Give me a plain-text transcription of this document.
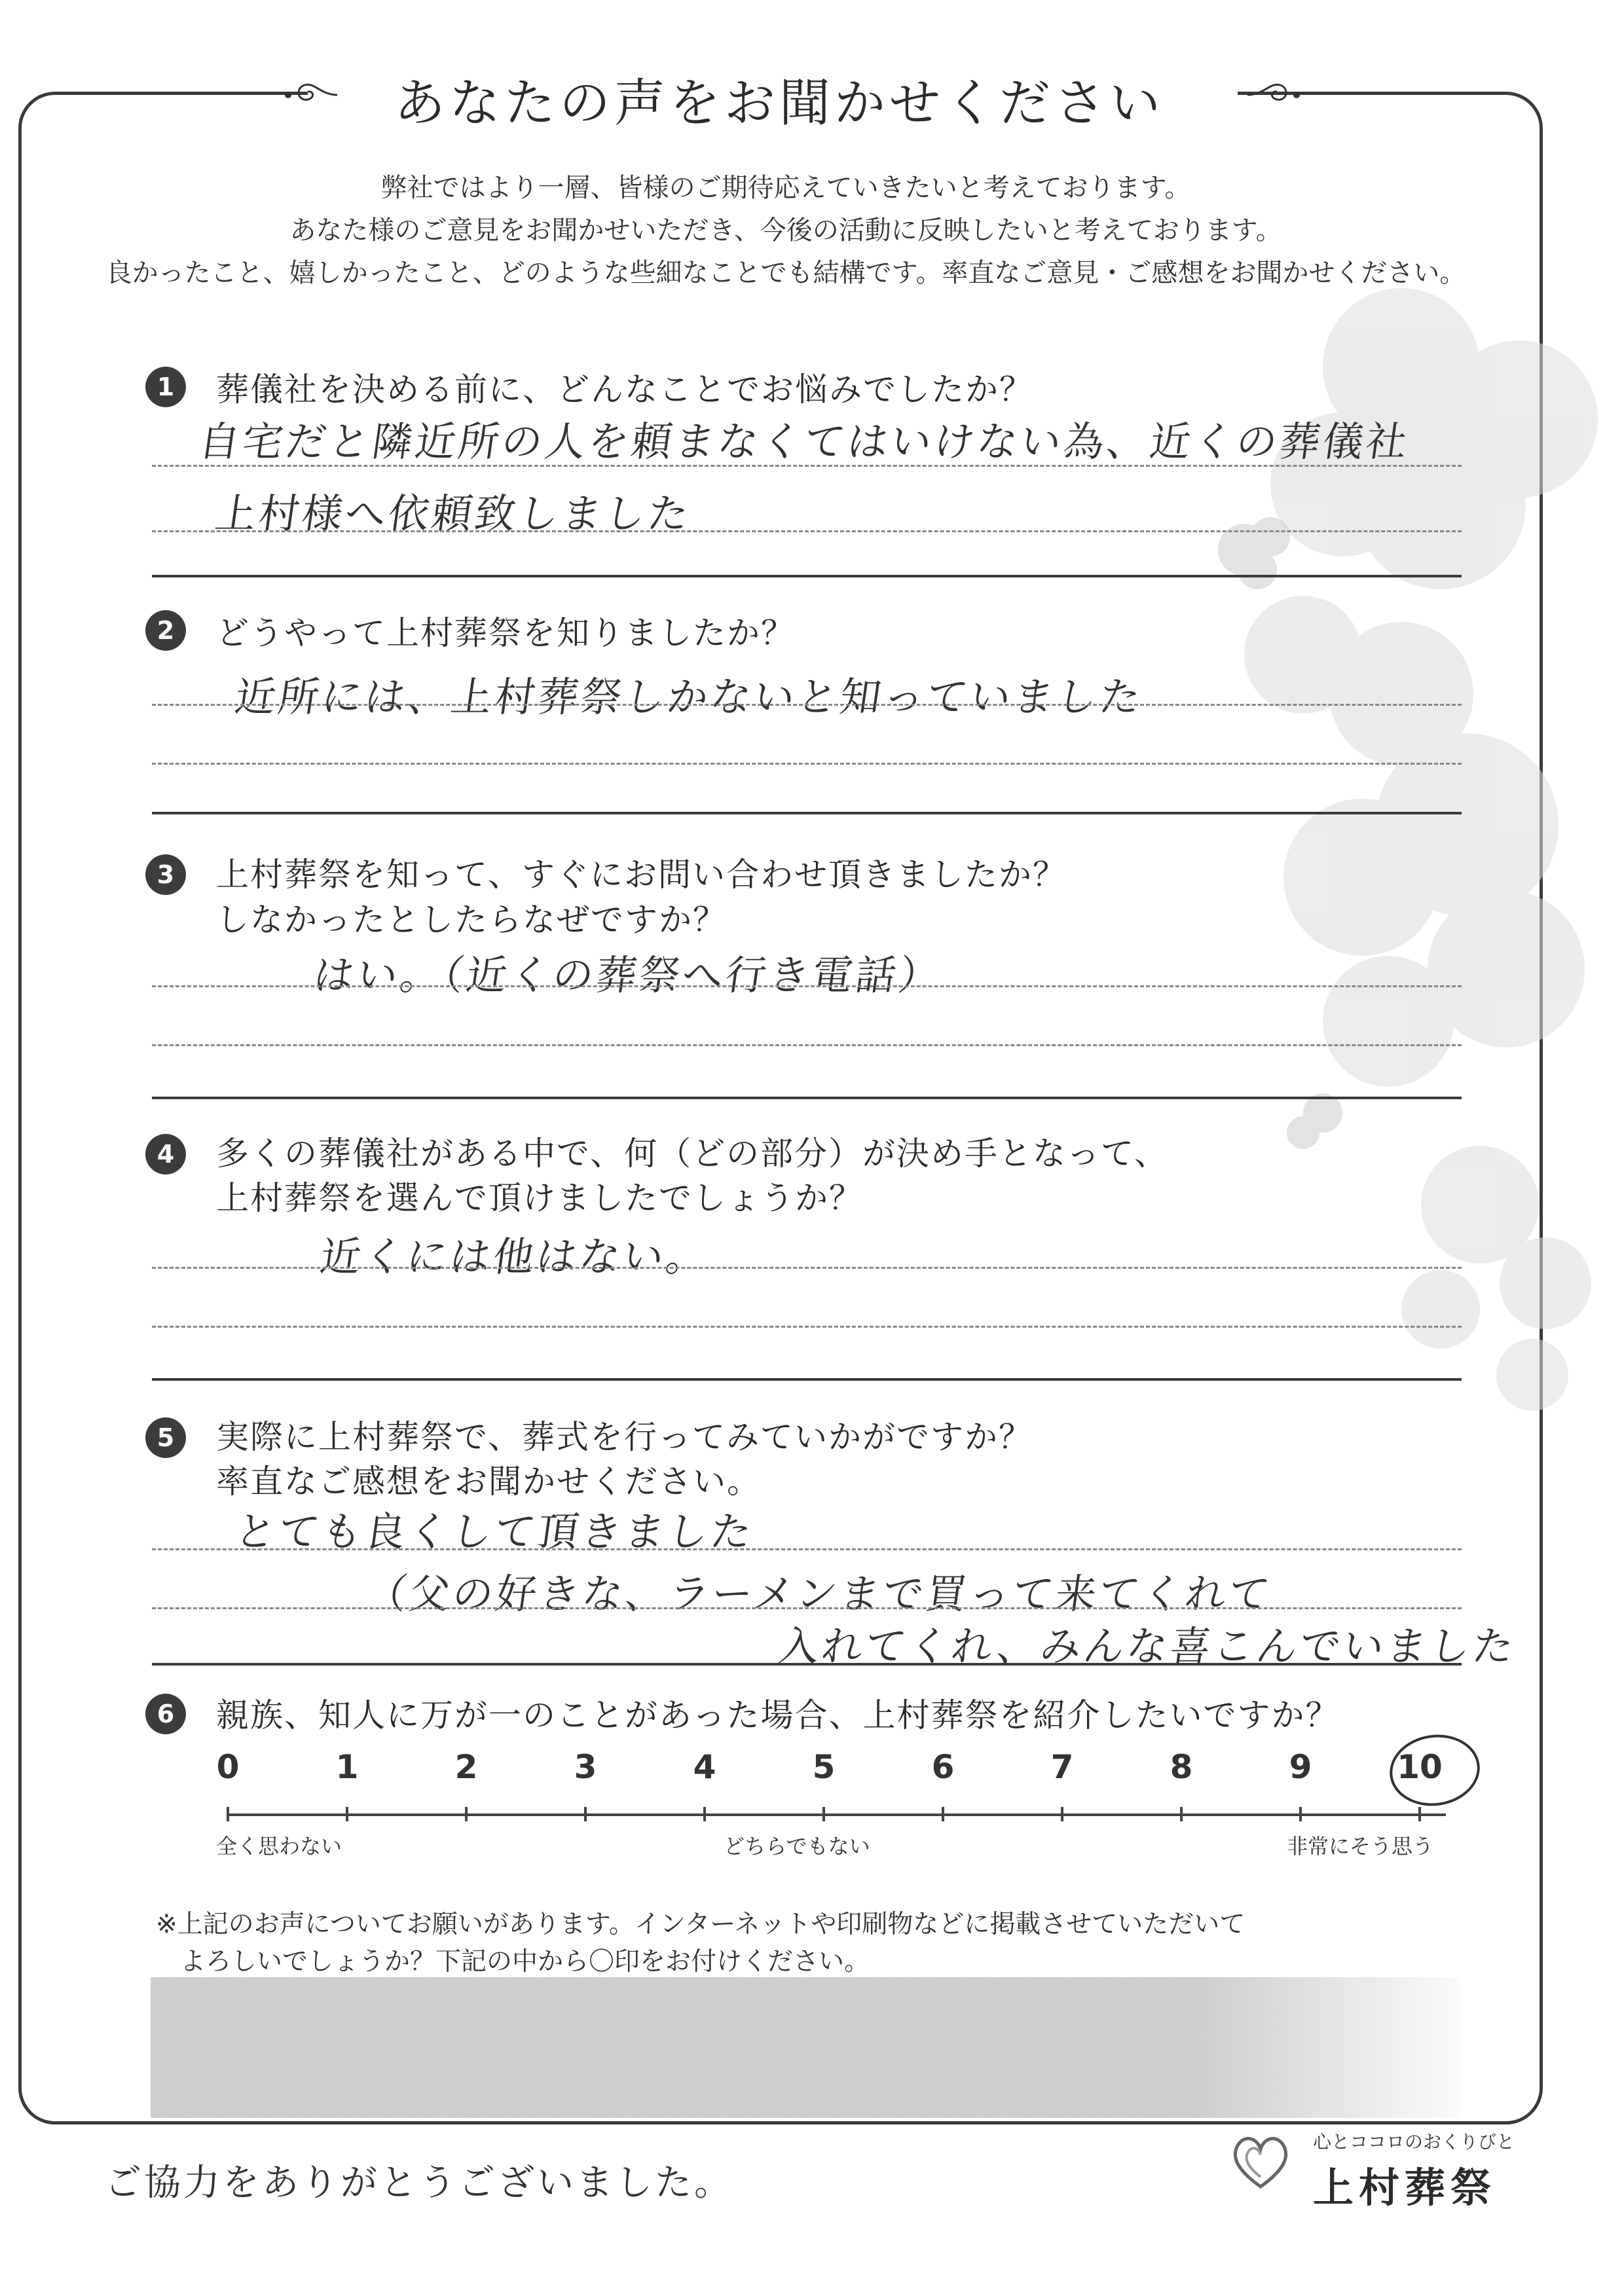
あなたの声をお聞かせください
弊社ではより一層、皆様のご期待応えていきたいと考えております。
あなた様のご意見をお聞かせいただき、今後の活動に反映したいと考えております。
良かったこと、嬉しかったこと、どのような些細なことでも結構です。率直なご意見・ご感想をお聞かせください。
1	葬儀社を決める前に、どんなことでお悩みでしたか？
自宅だと隣近所の人を頼まなくてはいけない為、近くの葬儀社
上村様へ依頼致しました
2	どうやって上村葬祭を知りましたか？
近所には、上村葬祭しかないと知っていました
3	上村葬祭を知って、すぐにお問い合わせ頂きましたか？
しなかったとしたらなぜですか？
はい。（近くの葬祭へ行き電話）
4	多くの葬儀社がある中で、何（どの部分）が決め手となって、
上村葬祭を選んで頂けましたでしょうか？
近くには他はない。
5	実際に上村葬祭で、葬式を行ってみていかがですか？
率直なご感想をお聞かせください。
とても良くして頂きました
（父の好きな、ラーメンまで買って来てくれて
入れてくれ、みんな喜こんでいました
6	親族、知人に万が一のことがあった場合、上村葬祭を紹介したいですか？
0	1	2	3	4	5	6	7	8	9	10
全く思わない	どちらでもない	非常にそう思う
※上記のお声についてお願いがあります。インターネットや印刷物などに掲載させていただいて
よろしいでしょうか？下記の中から〇印をお付けください。
ご協力をありがとうございました。
心とココロのおくりびと
上村葬祭
